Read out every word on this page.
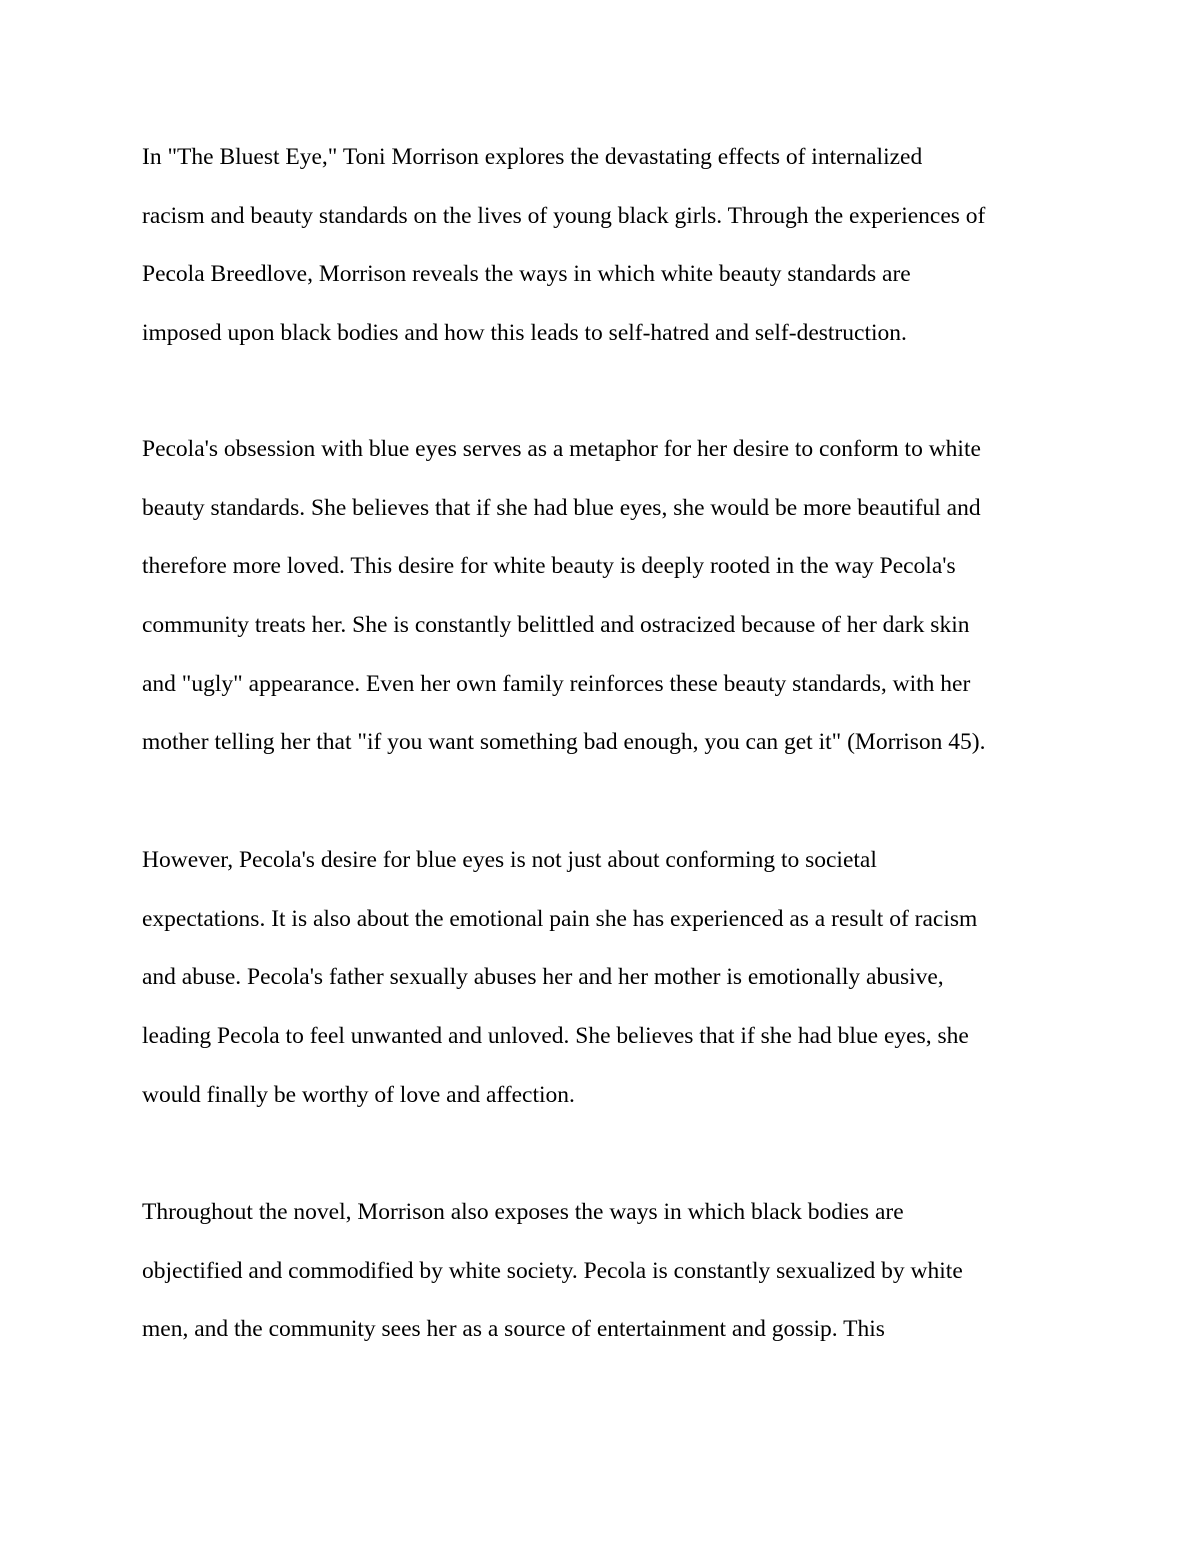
In "The Bluest Eye," Toni Morrison explores the devastating effects of internalized
racism and beauty standards on the lives of young black girls. Through the experiences of
Pecola Breedlove, Morrison reveals the ways in which white beauty standards are
imposed upon black bodies and how this leads to self-hatred and self-destruction.

Pecola's obsession with blue eyes serves as a metaphor for her desire to conform to white
beauty standards. She believes that if she had blue eyes, she would be more beautiful and
therefore more loved. This desire for white beauty is deeply rooted in the way Pecola's
community treats her. She is constantly belittled and ostracized because of her dark skin
and "ugly" appearance. Even her own family reinforces these beauty standards, with her
mother telling her that "if you want something bad enough, you can get it" (Morrison 45).

However, Pecola's desire for blue eyes is not just about conforming to societal
expectations. It is also about the emotional pain she has experienced as a result of racism
and abuse. Pecola's father sexually abuses her and her mother is emotionally abusive,
leading Pecola to feel unwanted and unloved. She believes that if she had blue eyes, she
would finally be worthy of love and affection.

Throughout the novel, Morrison also exposes the ways in which black bodies are
objectified and commodified by white society. Pecola is constantly sexualized by white
men, and the community sees her as a source of entertainment and gossip. This
